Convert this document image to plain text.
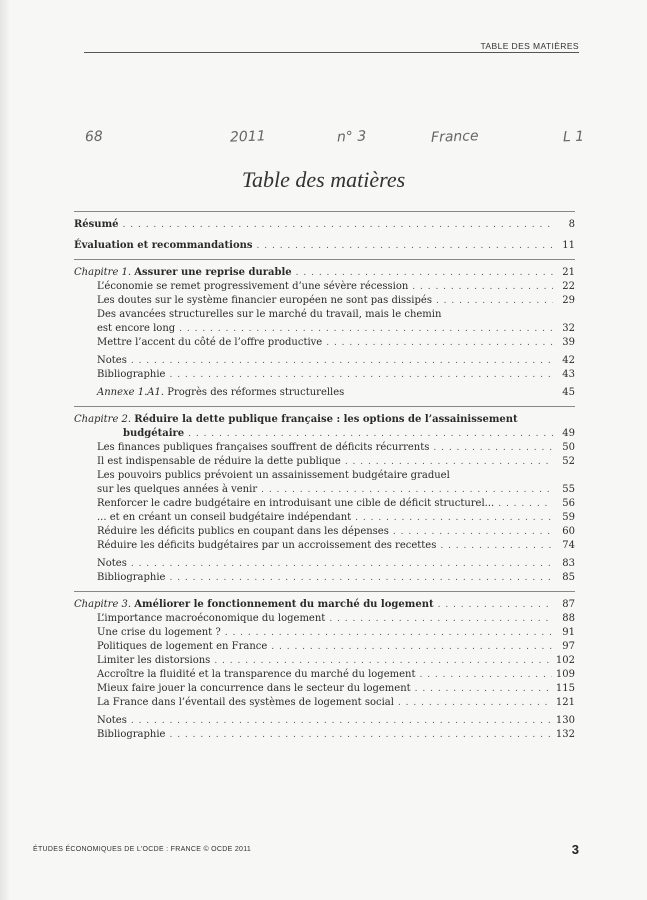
TABLE DES MATIÈRES
68	2011	n° 3	France	L 1
Table des matières
Résumé . . .	8
Évaluation et recommandations . . .	11
Chapitre 1. Assurer une reprise durable . . .	21
L’économie se remet progressivement d’une sévère récession . . .	22
Les doutes sur le système financier européen ne sont pas dissipés . . .	29
Des avancées structurelles sur le marché du travail, mais le chemin
est encore long . . .	32
Mettre l’accent du côté de l’offre productive . . .	39
Notes . . .	42
Bibliographie . . .	43
Annexe 1.A1. Progrès des réformes structurelles	45
Chapitre 2. Réduire la dette publique française : les options de l’assainissement
budgétaire . . .	49
Les finances publiques françaises souffrent de déficits récurrents . . .	50
Il est indispensable de réduire la dette publique . . .	52
Les pouvoirs publics prévoient un assainissement budgétaire graduel
sur les quelques années à venir . . .	55
Renforcer le cadre budgétaire en introduisant une cible de déficit structurel... . . .	56
... et en créant un conseil budgétaire indépendant . . .	59
Réduire les déficits publics en coupant dans les dépenses . . .	60
Réduire les déficits budgétaires par un accroissement des recettes . . .	74
Notes . . .	83
Bibliographie . . .	85
Chapitre 3. Améliorer le fonctionnement du marché du logement . . .	87
L’importance macroéconomique du logement . . .	88
Une crise du logement ? . . .	91
Politiques de logement en France . . .	97
Limiter les distorsions . . .	102
Accroître la fluidité et la transparence du marché du logement . . .	109
Mieux faire jouer la concurrence dans le secteur du logement . . .	115
La France dans l’éventail des systèmes de logement social . . .	121
Notes . . .	130
Bibliographie . . .	132
ÉTUDES ÉCONOMIQUES DE L’OCDE : FRANCE © OCDE 2011	3
